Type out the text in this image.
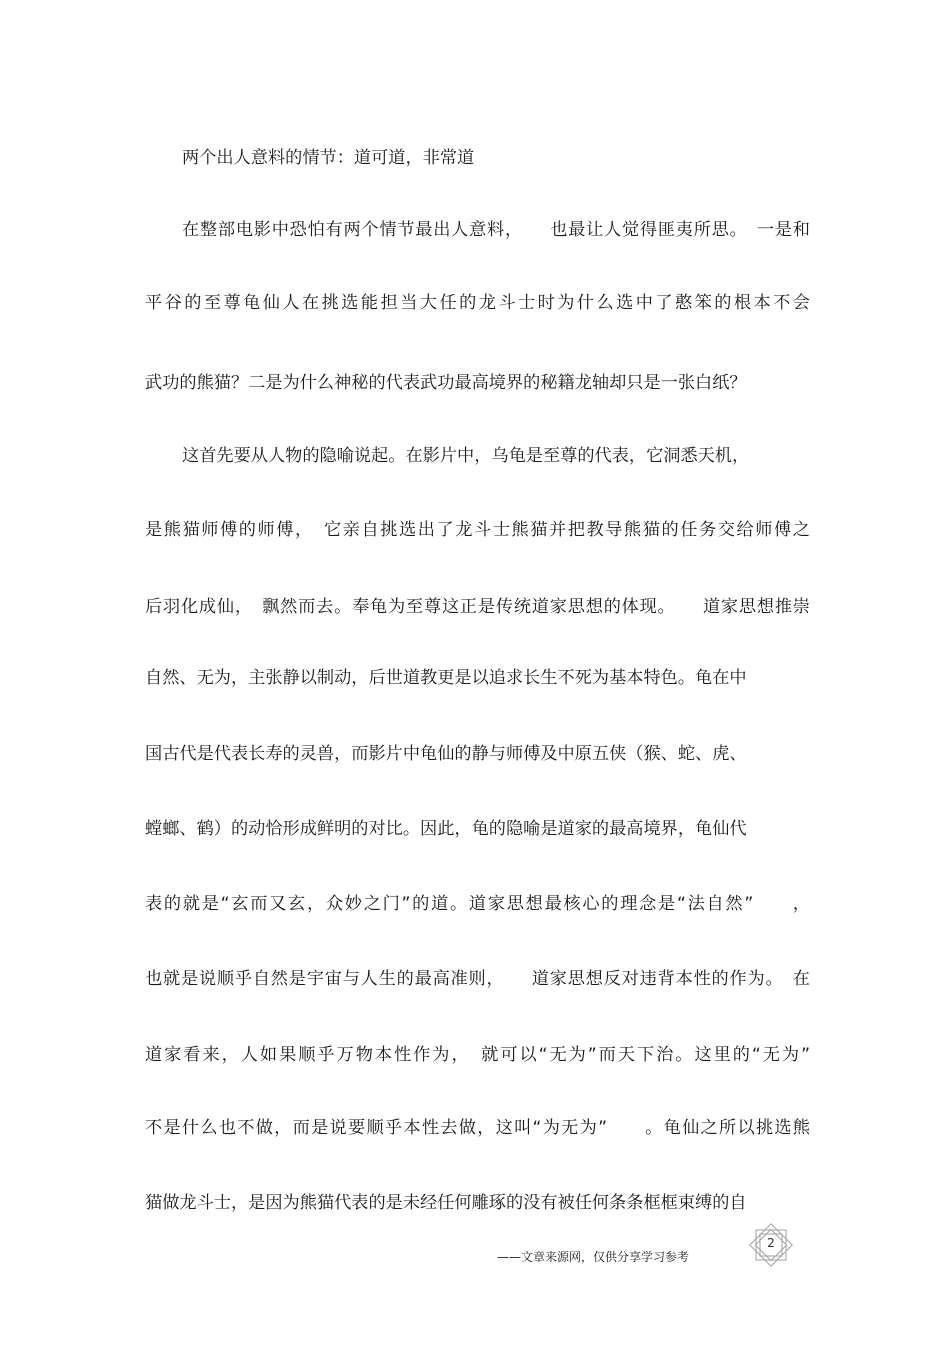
两个出人意料的情节：道可道，非常道
在整部电影中恐怕有两个情节最出人意料，　　也最让人觉得匪夷所思。　一是和
平谷的至尊龟仙人在挑选能担当大任的龙斗士时为什么选中了憨笨的根本不会
武功的熊猫？二是为什么神秘的代表武功最高境界的秘籍龙轴却只是一张白纸？
这首先要从人物的隐喻说起。在影片中，乌龟是至尊的代表，它洞悉天机，
是熊猫师傅的师傅，　它亲自挑选出了龙斗士熊猫并把教导熊猫的任务交给师傅之
后羽化成仙，　飘然而去。奉龟为至尊这正是传统道家思想的体现。　　道家思想推崇
自然、无为，主张静以制动，后世道教更是以追求长生不死为基本特色。龟在中
国古代是代表长寿的灵兽，而影片中龟仙的静与师傅及中原五侠（猴、蛇、虎、
螳螂、鹤）的动恰形成鲜明的对比。因此，龟的隐喻是道家的最高境界，龟仙代
表的就是“玄而又玄，众妙之门”的道。道家思想最核心的理念是“法自然”　　，
也就是说顺乎自然是宇宙与人生的最高准则，　　道家思想反对违背本性的作为。　在
道家看来，人如果顺乎万物本性作为，　就可以“无为”而天下治。这里的“无为”
不是什么也不做，而是说要顺乎本性去做，这叫“为无为”　　。龟仙之所以挑选熊
猫做龙斗士，是因为熊猫代表的是未经任何雕琢的没有被任何条条框框束缚的自
——文章来源网，仅供分享学习参考
2
